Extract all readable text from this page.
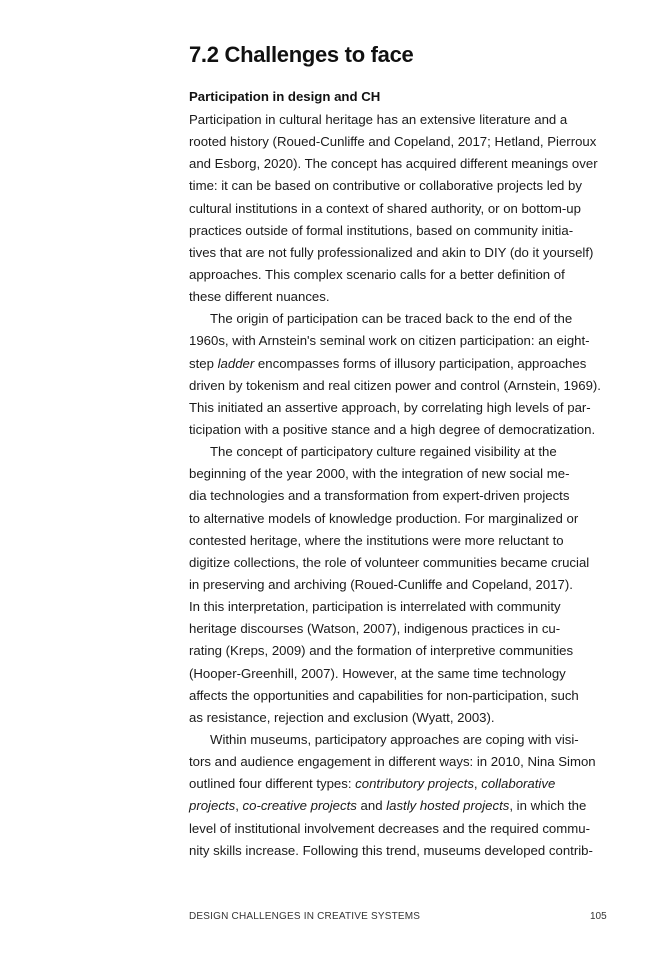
7.2 Challenges to face
Participation in design and CH
Participation in cultural heritage has an extensive literature and a
rooted history (Roued-Cunliffe and Copeland, 2017; Hetland, Pierroux
and Esborg, 2020). The concept has acquired different meanings over
time: it can be based on contributive or collaborative projects led by
cultural institutions in a context of shared authority, or on bottom-up
practices outside of formal institutions, based on community initia-
tives that are not fully professionalized and akin to DIY (do it yourself)
approaches. This complex scenario calls for a better definition of
these different nuances.
The origin of participation can be traced back to the end of the
1960s, with Arnstein's seminal work on citizen participation: an eight-
step ladder encompasses forms of illusory participation, approaches
driven by tokenism and real citizen power and control (Arnstein, 1969).
This initiated an assertive approach, by correlating high levels of par-
ticipation with a positive stance and a high degree of democratization.
The concept of participatory culture regained visibility at the
beginning of the year 2000, with the integration of new social me-
dia technologies and a transformation from expert-driven projects
to alternative models of knowledge production. For marginalized or
contested heritage, where the institutions were more reluctant to
digitize collections, the role of volunteer communities became crucial
in preserving and archiving (Roued-Cunliffe and Copeland, 2017).
In this interpretation, participation is interrelated with community
heritage discourses (Watson, 2007), indigenous practices in cu-
rating (Kreps, 2009) and the formation of interpretive communities
(Hooper-Greenhill, 2007). However, at the same time technology
affects the opportunities and capabilities for non-participation, such
as resistance, rejection and exclusion (Wyatt, 2003).
Within museums, participatory approaches are coping with visi-
tors and audience engagement in different ways: in 2010, Nina Simon
outlined four different types: contributory projects, collaborative
projects, co-creative projects and lastly hosted projects, in which the
level of institutional involvement decreases and the required commu-
nity skills increase. Following this trend, museums developed contrib-
DESIGN CHALLENGES IN CREATIVE SYSTEMS	105
